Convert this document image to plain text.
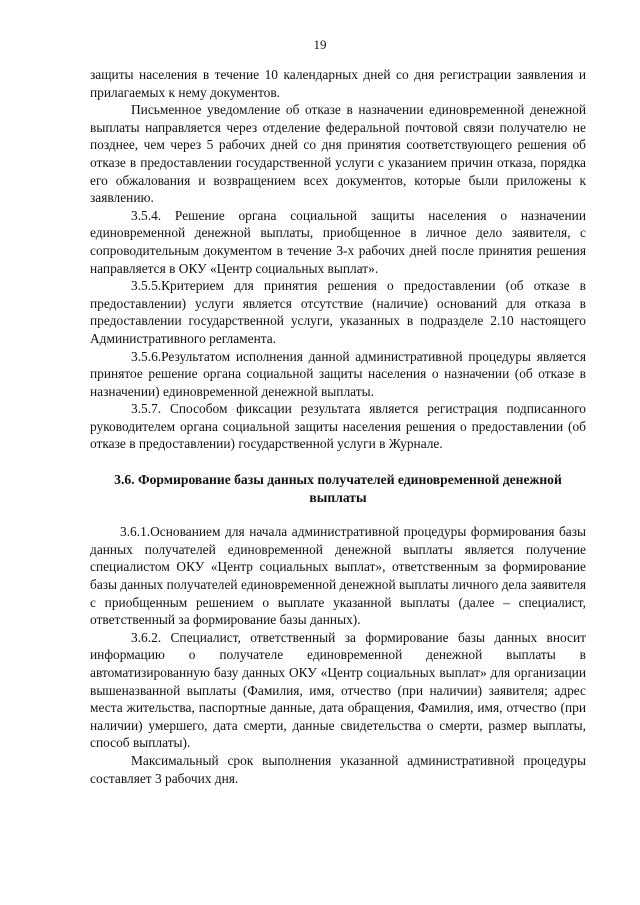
19

защиты населения в течение 10 календарных дней со дня регистрации заявления и прилагаемых к нему документов.

Письменное уведомление об отказе в назначении единовременной денежной выплаты направляется через отделение федеральной почтовой связи получателю не позднее, чем через 5 рабочих дней со дня принятия соответствующего решения об отказе в предоставлении государственной услуги с указанием причин отказа, порядка его обжалования и возвращением всех документов, которые были приложены к заявлению.

3.5.4. Решение органа социальной защиты населения о назначении единовременной денежной выплаты, приобщенное в личное дело заявителя, с сопроводительным документом в течение 3-х рабочих дней после принятия решения направляется в ОКУ «Центр социальных выплат».

3.5.5.Критерием для принятия решения о предоставлении (об отказе в предоставлении) услуги является отсутствие (наличие) оснований для отказа в предоставлении государственной услуги, указанных в подразделе 2.10 настоящего Административного регламента.

3.5.6.Результатом исполнения данной административной процедуры является принятое решение органа социальной защиты населения о назначении (об отказе в назначении) единовременной денежной выплаты.

3.5.7. Способом фиксации результата является регистрация подписанного руководителем органа социальной защиты населения решения о предоставлении (об отказе в предоставлении) государственной услуги в Журнале.

3.6. Формирование базы данных получателей единовременной денежной выплаты

3.6.1.Основанием для начала административной процедуры формирования базы данных получателей единовременной денежной выплаты является получение специалистом ОКУ «Центр социальных выплат», ответственным за формирование базы данных получателей единовременной денежной выплаты личного дела заявителя с приобщенным решением о выплате указанной выплаты (далее – специалист, ответственный за формирование базы данных).

3.6.2. Специалист, ответственный за формирование базы данных вносит информацию о получателе единовременной денежной выплаты в автоматизированную базу данных ОКУ «Центр социальных выплат» для организации вышеназванной выплаты (Фамилия, имя, отчество (при наличии) заявителя; адрес места жительства, паспортные данные, дата обращения, Фамилия, имя, отчество (при наличии) умершего, дата смерти, данные свидетельства о смерти, размер выплаты, способ выплаты).

Максимальный срок выполнения указанной административной процедуры составляет 3 рабочих дня.
